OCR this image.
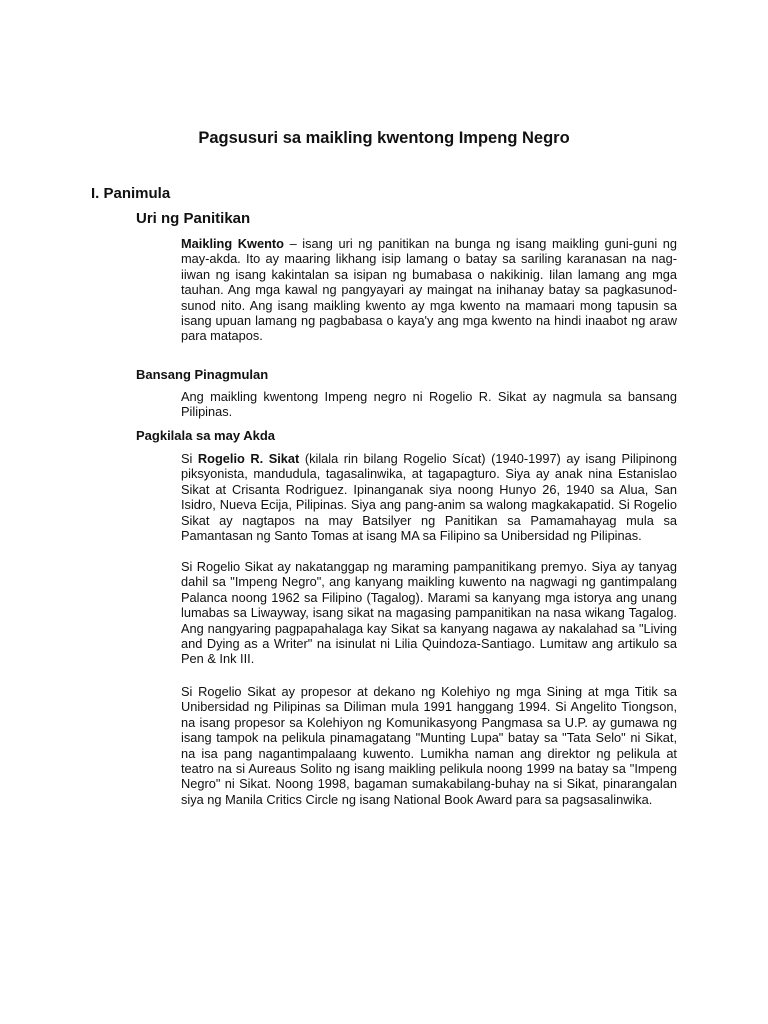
Pagsusuri sa maikling kwentong Impeng Negro
I. Panimula
Uri ng Panitikan

Maikling Kwento – isang uri ng panitikan na bunga ng isang maikling guni-guni ng may-akda. Ito ay maaring likhang isip lamang o batay sa sariling karanasan na nag-iiwan ng isang kakintalan sa isipan ng bumabasa o nakikinig. Iilan lamang ang mga tauhan. Ang mga kawal ng pangyayari ay maingat na inihanay batay sa pagkasunod-sunod nito. Ang isang maikling kwento ay mga kwento na mamaari mong tapusin sa isang upuan lamang ng pagbabasa o kaya'y ang mga kwento na hindi inaabot ng araw para matapos.

Bansang Pinagmulan

Ang maikling kwentong Impeng negro ni Rogelio R. Sikat ay nagmula sa bansang Pilipinas.

Pagkilala sa may Akda

Si Rogelio R. Sikat (kilala rin bilang Rogelio Sícat) (1940-1997) ay isang Pilipinong piksyonista, mandudula, tagasalinwika, at tagapagturo. Siya ay anak nina Estanislao Sikat at Crisanta Rodriguez. Ipinanganak siya noong Hunyo 26, 1940 sa Alua, San Isidro, Nueva Ecija, Pilipinas. Siya ang pang-anim sa walong magkakapatid. Si Rogelio Sikat ay nagtapos na may Batsilyer ng Panitikan sa Pamamahayag mula sa Pamantasan ng Santo Tomas at isang MA sa Filipino sa Unibersidad ng Pilipinas.

Si Rogelio Sikat ay nakatanggap ng maraming pampanitikang premyo. Siya ay tanyag dahil sa "Impeng Negro", ang kanyang maikling kuwento na nagwagi ng gantimpalang Palanca noong 1962 sa Filipino (Tagalog). Marami sa kanyang mga istorya ang unang lumabas sa Liwayway, isang sikat na magasing pampanitikan na nasa wikang Tagalog. Ang nangyaring pagpapahalaga kay Sikat sa kanyang nagawa ay nakalahad sa "Living and Dying as a Writer" na isinulat ni Lilia Quindoza-Santiago. Lumitaw ang artikulo sa Pen & Ink III.

Si Rogelio Sikat ay propesor at dekano ng Kolehiyo ng mga Sining at mga Titik sa Unibersidad ng Pilipinas sa Diliman mula 1991 hanggang 1994. Si Angelito Tiongson, na isang propesor sa Kolehiyon ng Komunikasyong Pangmasa sa U.P. ay gumawa ng isang tampok na pelikula pinamagatang "Munting Lupa" batay sa "Tata Selo" ni Sikat, na isa pang nagantimpalaang kuwento. Lumikha naman ang direktor ng pelikula at teatro na si Aureaus Solito ng isang maikling pelikula noong 1999 na batay sa "Impeng Negro" ni Sikat. Noong 1998, bagaman sumakabilang-buhay na si Sikat, pinarangalan siya ng Manila Critics Circle ng isang National Book Award para sa pagsasalinwika.
